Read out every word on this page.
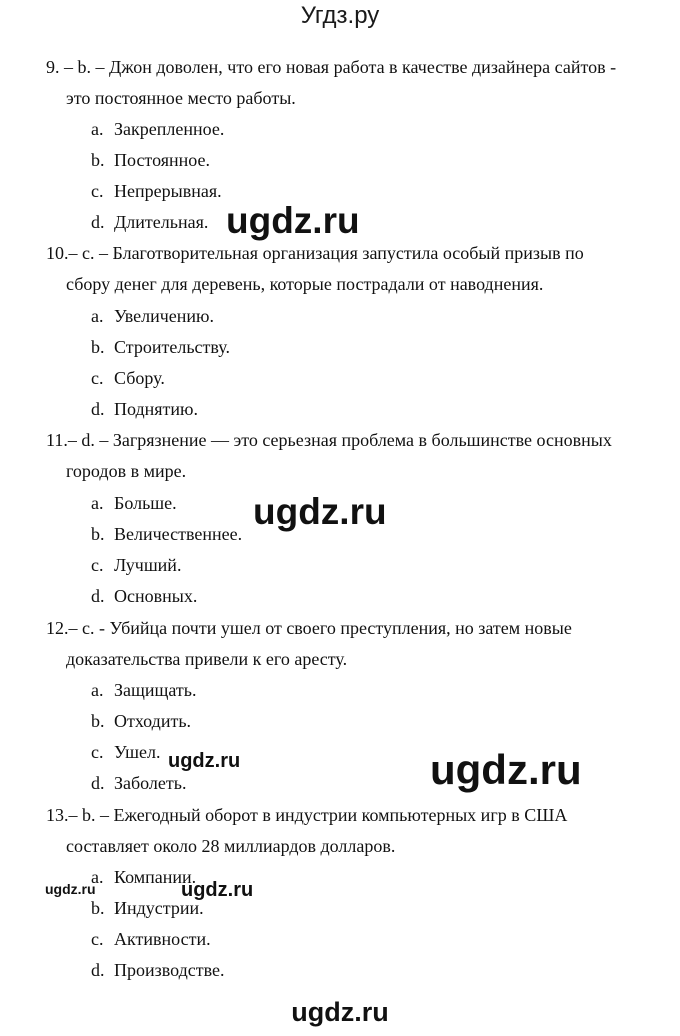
Угдз.ру
9. – b. – Джон доволен, что его новая работа в качестве дизайнера сайтов -
это постоянное место работы.
a. Закрепленное.
b. Постоянное.
c. Непрерывная.
d. Длительная.
10.– c. – Благотворительная организация запустила особый призыв по
сбору денег для деревень, которые пострадали от наводнения.
a. Увеличению.
b. Строительству.
c. Сбору.
d. Поднятию.
11.– d. – Загрязнение — это серьезная проблема в большинстве основных
городов в мире.
a. Больше.
b. Величественнее.
c. Лучший.
d. Основных.
12.– c. - Убийца почти ушел от своего преступления, но затем новые
доказательства привели к его аресту.
a. Защищать.
b. Отходить.
c. Ушел.
d. Заболеть.
13.– b. – Ежегодный оборот в индустрии компьютерных игр в США
составляет около 28 миллиардов долларов.
a. Компании.
b. Индустрии.
c. Активности.
d. Производстве.
ugdz.ru
ugdz.ru
ugdz.ru	ugdz.ru
ugdz.ru	ugdz.ru
ugdz.ru
